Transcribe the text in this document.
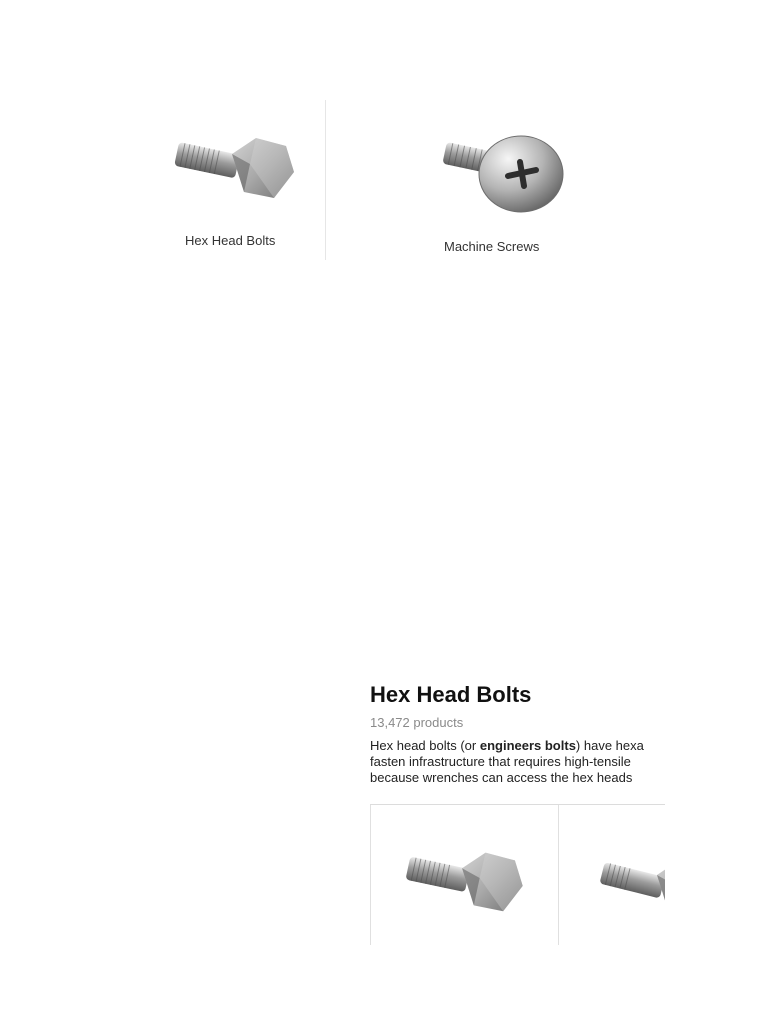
Hex Head Bolts	Machine Screws
Hex Head Bolts
13,472 products

Hex head bolts (or engineers bolts) have hexa
fasten infrastructure that requires high-tensile
because wrenches can access the hex heads
